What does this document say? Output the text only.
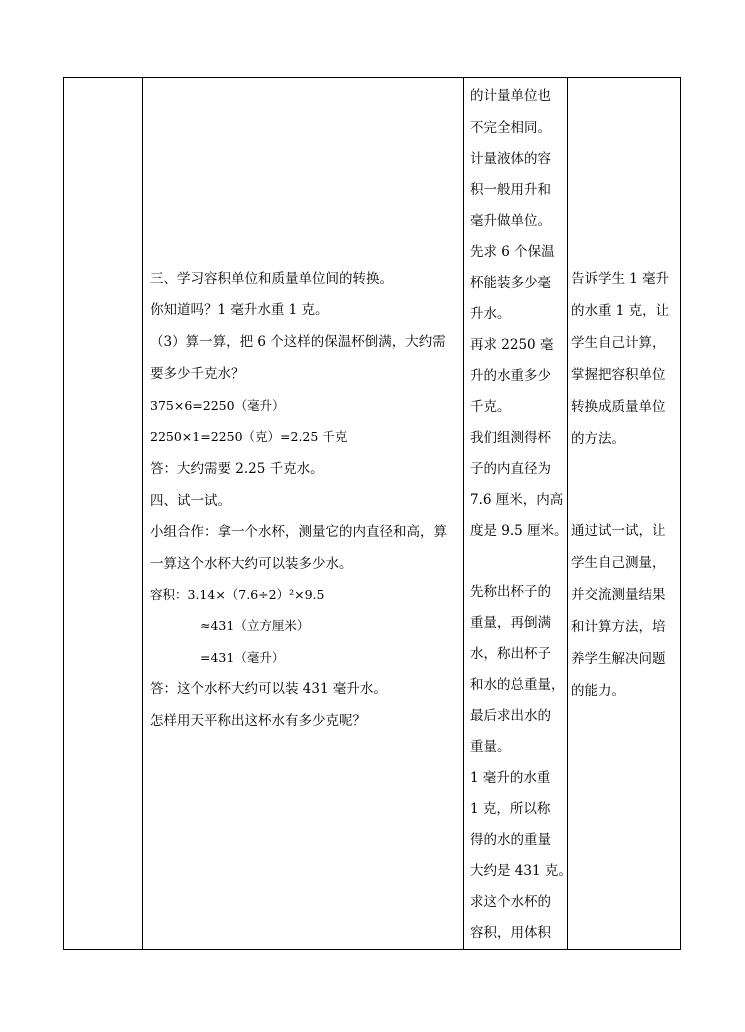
三、学习容积单位和质量单位间的转换。
你知道吗？1 毫升水重 1 克。
（3）算一算，把 6 个这样的保温杯倒满，大约需
要多少千克水？
375×6=2250（毫升）
2250×1=2250（克）=2.25 千克
答：大约需要 2.25 千克水。
四、试一试。
小组合作：拿一个水杯，测量它的内直径和高，算
一算这个水杯大约可以装多少水。
容积：3.14×（7.6÷2）²×9.5
≈431（立方厘米）
=431（毫升）
答：这个水杯大约可以装 431 毫升水。
怎样用天平称出这杯水有多少克呢？
的计量单位也
不完全相同。
计量液体的容
积一般用升和
毫升做单位。
先求 6 个保温
杯能装多少毫
升水。
再求 2250 毫
升的水重多少
千克。
我们组测得杯
子的内直径为
7.6 厘米，内高
度是 9.5 厘米。
先称出杯子的
重量，再倒满
水，称出杯子
和水的总重量，
最后求出水的
重量。
1 毫升的水重
1 克，所以称
得的水的重量
大约是 431 克。
求这个水杯的
容积，用体积
告诉学生 1 毫升
的水重 1 克，让
学生自己计算，
掌握把容积单位
转换成质量单位
的方法。
通过试一试，让
学生自己测量，
并交流测量结果
和计算方法，培
养学生解决问题
的能力。
